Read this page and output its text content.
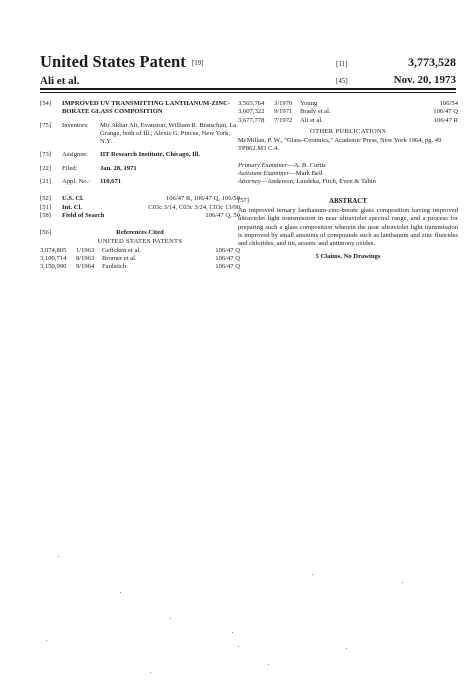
United States Patent [19]
Ali et al.
[11]	3,773,528
[45]	Nov. 20, 1973
[54]	IMPROVED UV TRANSMITTING LANTHANUM-ZINC-BORATE GLASS COMPOSITION
[75]	Inventors:	Mir Akbar Ali, Evanston; William R. Bratschun, La Grange, both of Ill.; Alexis G. Pincus, New York, N.Y.
[73]	Assignee:	IIT Research Institute, Chicago, Ill.
[22]	Filed:	Jan. 28, 1971
[21]	Appl. No.:	110,671
[52]	U.S. Cl.	106/47 R, 106/47 Q, 106/50
[51]	Int. Cl.	C03c 3/14, C03c 3/24, C03c 13/00
[58]	Field of Search	106/47 Q, 50
[56]	References Cited
UNITED STATES PATENTS
3,074,805	1/1963	Geffcken et al.	106/47 Q
3,100,714	8/1963	Bromer et al.	106/47 Q
3,150,990	9/1964	Faulstich	106/47 Q
3,503,764	3/1970	Young	106/54
3,607,322	9/1971	Brady et al.	106/47 Q
3,677,778	7/1972	Ali et al.	106/47 R
OTHER PUBLICATIONS
McMillan, P. W., "Glass-Ceramics," Academic Press, New York 1964, pg. 49 TP862.M3 C.4.
Primary Examiner—A. B. Curtis
Assistant Examiner—Mark Bell
Attorney—Anderson, Luedeka, Fitch, Even & Tabin
[57]	ABSTRACT
An improved ternary lanthanum-zinc-borate glass composition having improved ultraviolet light transmission in near ultraviolet spectral range, and a process for preparing such a glass composition wherein the near ultraviolet light transmission is improved by small amounts of compounds such as lanthanum and zinc fluorides and chlorides, and tin, arsenic and antimony oxides.
5 Claims, No Drawings
